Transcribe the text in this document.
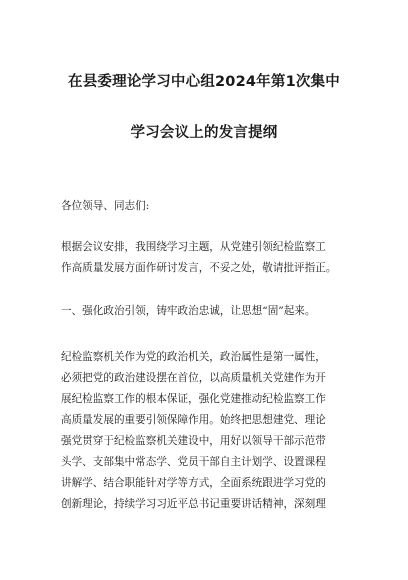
在县委理论学习中心组2024年第1次集中
学习会议上的发言提纲

各位领导、同志们:

根据会议安排，我围绕学习主题，从党建引领纪检监察工

作高质量发展方面作研讨发言，不妥之处，敬请批评指正。

一、强化政治引领，铸牢政治忠诚，让思想“固”起来。

纪检监察机关作为党的政治机关，政治属性是第一属性，

必须把党的政治建设摆在首位，以高质量机关党建作为开

展纪检监察工作的根本保证，强化党建推动纪检监察工作

高质量发展的重要引领保障作用。始终把思想建党、理论

强党贯穿于纪检监察机关建设中，用好以领导干部示范带

头学、支部集中常态学、党员干部自主计划学、设置课程

讲解学、结合职能针对学等方式，全面系统跟进学习党的

创新理论，持续学习习近平总书记重要讲话精神，深刻理
